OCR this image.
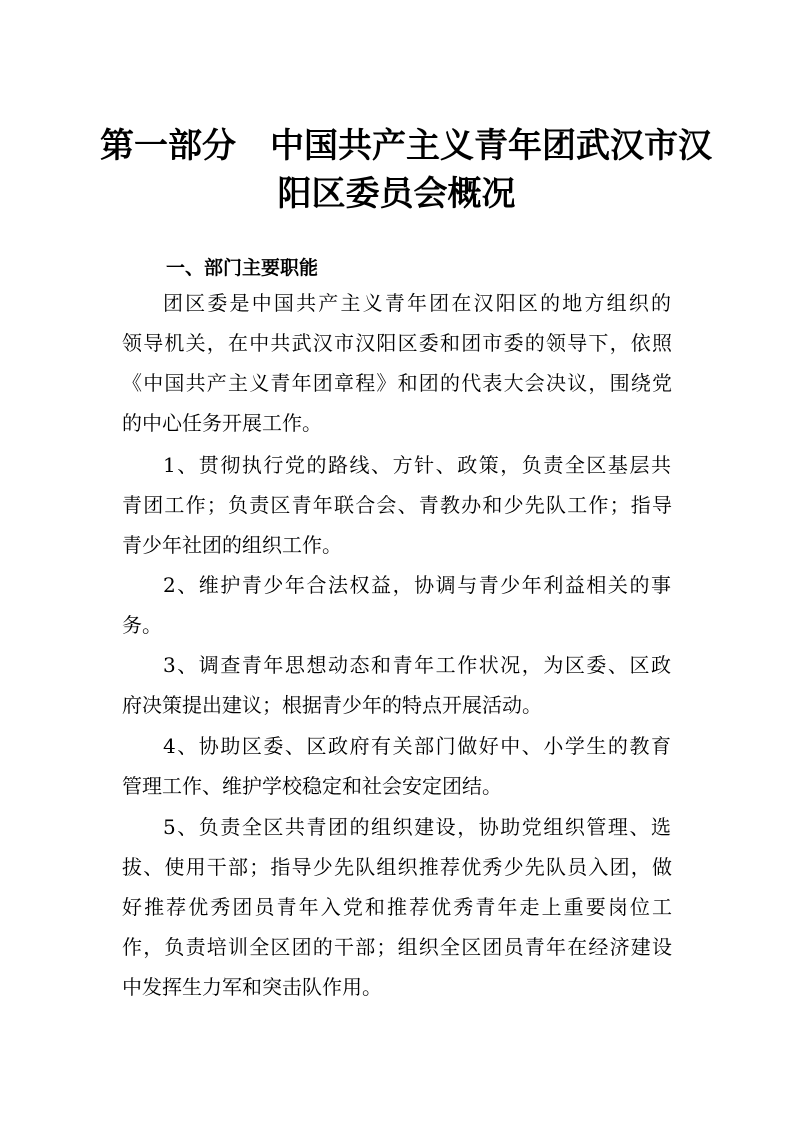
第一部分　中国共产主义青年团武汉市汉
阳区委员会概况
一、部门主要职能
团区委是中国共产主义青年团在汉阳区的地方组织的
领导机关，在中共武汉市汉阳区委和团市委的领导下，依照
《中国共产主义青年团章程》和团的代表大会决议，围绕党
的中心任务开展工作。
1、贯彻执行党的路线、方针、政策，负责全区基层共
青团工作；负责区青年联合会、青教办和少先队工作；指导
青少年社团的组织工作。
2、维护青少年合法权益，协调与青少年利益相关的事
务。
3、调查青年思想动态和青年工作状况，为区委、区政
府决策提出建议；根据青少年的特点开展活动。
4、协助区委、区政府有关部门做好中、小学生的教育
管理工作、维护学校稳定和社会安定团结。
5、负责全区共青团的组织建设，协助党组织管理、选
拔、使用干部；指导少先队组织推荐优秀少先队员入团，做
好推荐优秀团员青年入党和推荐优秀青年走上重要岗位工
作，负责培训全区团的干部；组织全区团员青年在经济建设
中发挥生力军和突击队作用。
